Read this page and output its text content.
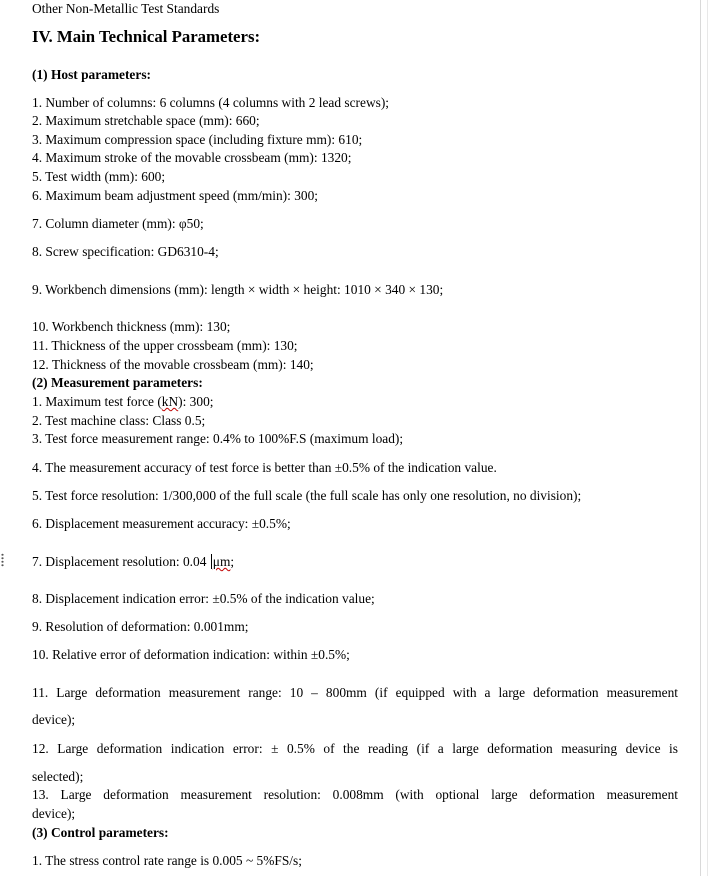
Other Non-Metallic Test Standards
IV. Main Technical Parameters:
(1) Host parameters:
1. Number of columns: 6 columns (4 columns with 2 lead screws);
2. Maximum stretchable space (mm): 660;
3. Maximum compression space (including fixture mm): 610;
4. Maximum stroke of the movable crossbeam (mm): 1320;
5. Test width (mm): 600;
6. Maximum beam adjustment speed (mm/min): 300;
7. Column diameter (mm): φ50;
8. Screw specification: GD6310-4;
9. Workbench dimensions (mm): length × width × height: 1010 × 340 × 130;
10. Workbench thickness (mm): 130;
11. Thickness of the upper crossbeam (mm): 130;
12. Thickness of the movable crossbeam (mm): 140;
(2) Measurement parameters:
1. Maximum test force (kN): 300;
2. Test machine class: Class 0.5;
3. Test force measurement range: 0.4% to 100%F.S (maximum load);
4. The measurement accuracy of test force is better than ±0.5% of the indication value.
5. Test force resolution: 1/300,000 of the full scale (the full scale has only one resolution, no division);
6. Displacement measurement accuracy: ±0.5%;
7. Displacement resolution: 0.04 μm;
8. Displacement indication error: ±0.5% of the indication value;
9. Resolution of deformation: 0.001mm;
10. Relative error of deformation indication: within ±0.5%;
11. Large deformation measurement range: 10 – 800mm (if equipped with a large deformation measurement
device);
12. Large deformation indication error: ± 0.5% of the reading (if a large deformation measuring device is
selected);
13. Large deformation measurement resolution: 0.008mm (with optional large deformation measurement
device);
(3) Control parameters:
1. The stress control rate range is 0.005 ~ 5%FS/s;
